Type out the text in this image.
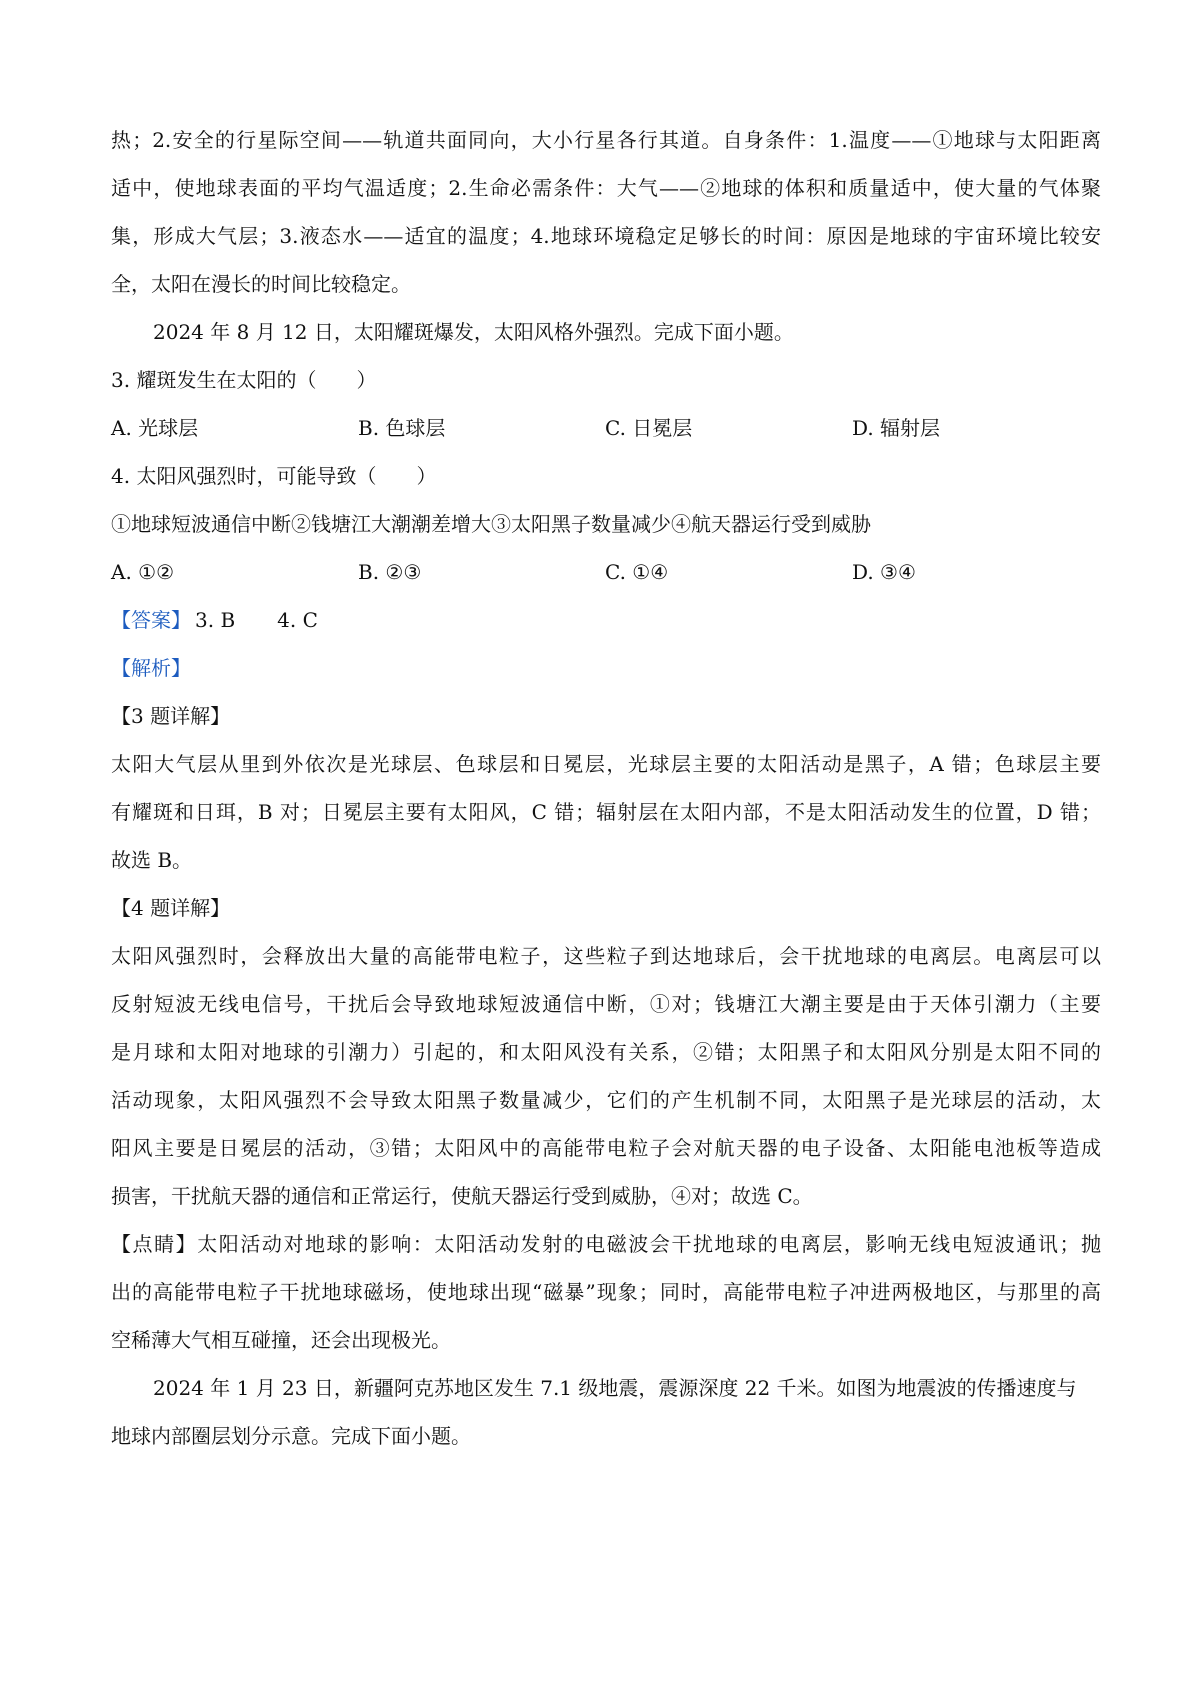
热；2.安全的行星际空间——轨道共面同向，大小行星各行其道。自身条件：1.温度——①地球与太阳距离
适中，使地球表面的平均气温适度；2.生命必需条件：大气——②地球的体积和质量适中，使大量的气体聚
集，形成大气层；3.液态水——适宜的温度；4.地球环境稳定足够长的时间：原因是地球的宇宙环境比较安
全，太阳在漫长的时间比较稳定。
2024 年 8 月 12 日，太阳耀斑爆发，太阳风格外强烈。完成下面小题。
3. 耀斑发生在太阳的（　　）
A. 光球层	B. 色球层	C. 日冕层	D. 辐射层
4. 太阳风强烈时，可能导致（　　）
①地球短波通信中断②钱塘江大潮潮差增大③太阳黑子数量减少④航天器运行受到威胁
A. ①②	B. ②③	C. ①④	D. ③④
【答案】 3. B 4. C
【解析】
【3 题详解】
太阳大气层从里到外依次是光球层、色球层和日冕层，光球层主要的太阳活动是黑子，A 错；色球层主要
有耀斑和日珥，B 对；日冕层主要有太阳风，C 错；辐射层在太阳内部，不是太阳活动发生的位置，D 错；
故选 B。
【4 题详解】
太阳风强烈时，会释放出大量的高能带电粒子，这些粒子到达地球后，会干扰地球的电离层。电离层可以
反射短波无线电信号，干扰后会导致地球短波通信中断，①对；钱塘江大潮主要是由于天体引潮力（主要
是月球和太阳对地球的引潮力）引起的，和太阳风没有关系，②错；太阳黑子和太阳风分别是太阳不同的
活动现象，太阳风强烈不会导致太阳黑子数量减少，它们的产生机制不同，太阳黑子是光球层的活动，太
阳风主要是日冕层的活动，③错；太阳风中的高能带电粒子会对航天器的电子设备、太阳能电池板等造成
损害，干扰航天器的通信和正常运行，使航天器运行受到威胁，④对；故选 C。
【点睛】太阳活动对地球的影响：太阳活动发射的电磁波会干扰地球的电离层，影响无线电短波通讯；抛
出的高能带电粒子干扰地球磁场，使地球出现“磁暴”现象；同时，高能带电粒子冲进两极地区，与那里的高
空稀薄大气相互碰撞，还会出现极光。
2024 年 1 月 23 日，新疆阿克苏地区发生 7.1 级地震，震源深度 22 千米。如图为地震波的传播速度与
地球内部圈层划分示意。完成下面小题。
